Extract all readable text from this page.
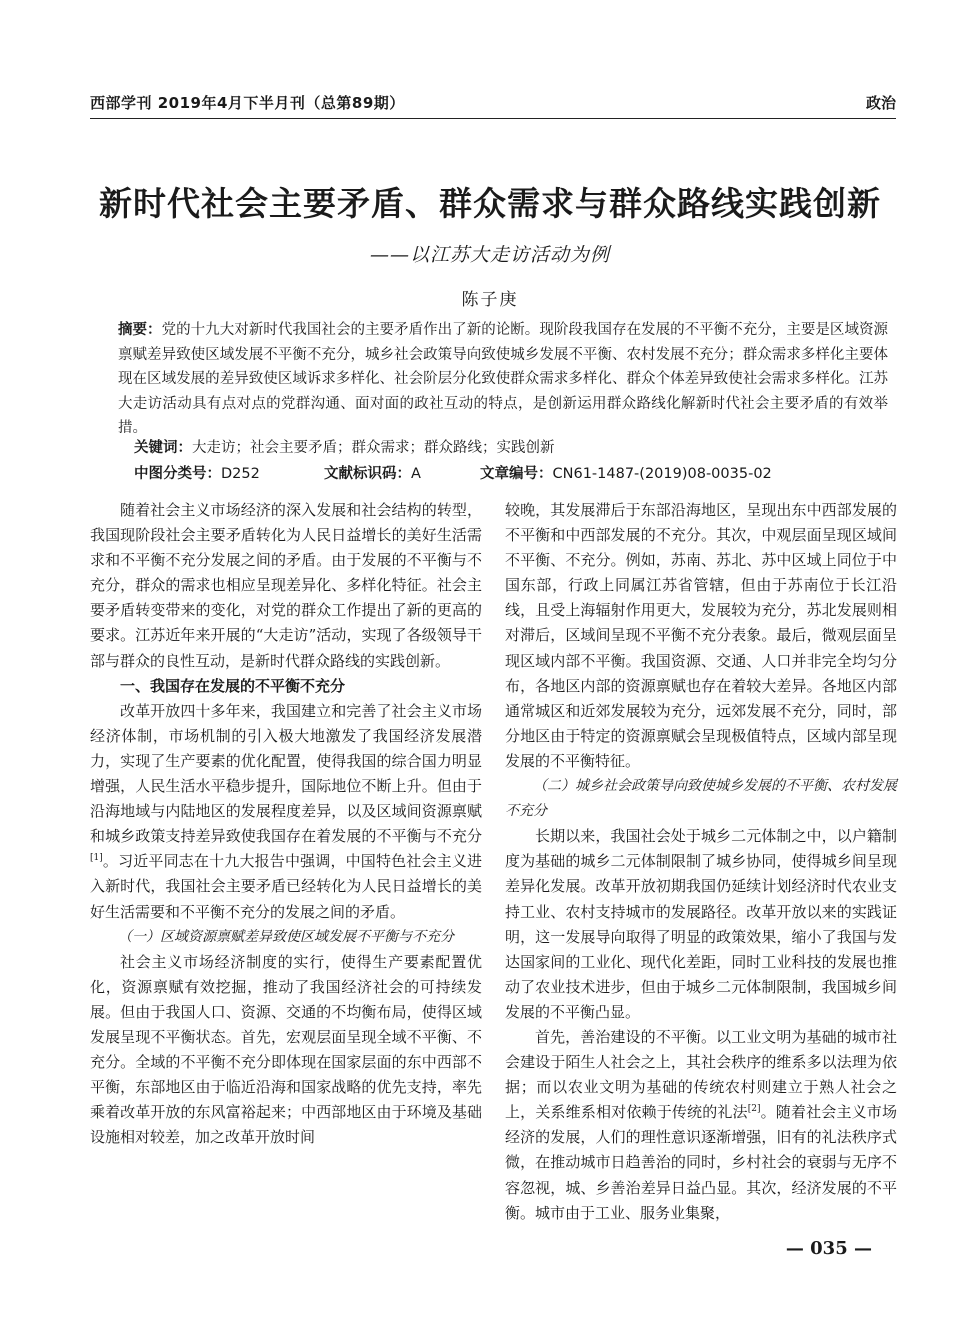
西部学刊 2019年4月下半月刊（总第89期）	政治
新时代社会主要矛盾、群众需求与群众路线实践创新
——以江苏大走访活动为例
陈子庚
摘要：党的十九大对新时代我国社会的主要矛盾作出了新的论断。现阶段我国存在发展的不平衡不充分，主要是区域资源禀赋差异致使区域发展不平衡不充分，城乡社会政策导向致使城乡发展不平衡、农村发展不充分；群众需求多样化主要体现在区域发展的差异致使区域诉求多样化、社会阶层分化致使群众需求多样化、群众个体差异致使社会需求多样化。江苏大走访活动具有点对点的党群沟通、面对面的政社互动的特点，是创新运用群众路线化解新时代社会主要矛盾的有效举措。
关键词：大走访；社会主要矛盾；群众需求；群众路线；实践创新
中图分类号：D252	文献标识码：A	文章编号：CN61-1487-(2019)08-0035-02

随着社会主义市场经济的深入发展和社会结构的转型，我国现阶段社会主要矛盾转化为人民日益增长的美好生活需求和不平衡不充分发展之间的矛盾。由于发展的不平衡与不充分，群众的需求也相应呈现差异化、多样化特征。社会主要矛盾转变带来的变化，对党的群众工作提出了新的更高的要求。江苏近年来开展的“大走访”活动，实现了各级领导干部与群众的良性互动，是新时代群众路线的实践创新。

一、我国存在发展的不平衡不充分

改革开放四十多年来，我国建立和完善了社会主义市场经济体制，市场机制的引入极大地激发了我国经济发展潜力，实现了生产要素的优化配置，使得我国的综合国力明显增强，人民生活水平稳步提升，国际地位不断上升。但由于沿海地域与内陆地区的发展程度差异，以及区域间资源禀赋和城乡政策支持差异致使我国存在着发展的不平衡与不充分[1]。习近平同志在十九大报告中强调，中国特色社会主义进入新时代，我国社会主要矛盾已经转化为人民日益增长的美好生活需要和不平衡不充分的发展之间的矛盾。

（一）区域资源禀赋差异致使区域发展不平衡与不充分

社会主义市场经济制度的实行，使得生产要素配置优化，资源禀赋有效挖掘，推动了我国经济社会的可持续发展。但由于我国人口、资源、交通的不均衡布局，使得区域发展呈现不平衡状态。首先，宏观层面呈现全域不平衡、不充分。全域的不平衡不充分即体现在国家层面的东中西部不平衡，东部地区由于临近沿海和国家战略的优先支持，率先乘着改革开放的东风富裕起来；中西部地区由于环境及基础设施相对较差，加之改革开放时间

较晚，其发展滞后于东部沿海地区，呈现出东中西部发展的不平衡和中西部发展的不充分。其次，中观层面呈现区域间不平衡、不充分。例如，苏南、苏北、苏中区域上同位于中国东部，行政上同属江苏省管辖，但由于苏南位于长江沿线，且受上海辐射作用更大，发展较为充分，苏北发展则相对滞后，区域间呈现不平衡不充分表象。最后，微观层面呈现区域内部不平衡。我国资源、交通、人口并非完全均匀分布，各地区内部的资源禀赋也存在着较大差异。各地区内部通常城区和近郊发展较为充分，远郊发展不充分，同时，部分地区由于特定的资源禀赋会呈现极值特点，区域内部呈现发展的不平衡特征。

（二）城乡社会政策导向致使城乡发展的不平衡、农村发展不充分

长期以来，我国社会处于城乡二元体制之中，以户籍制度为基础的城乡二元体制限制了城乡协同，使得城乡间呈现差异化发展。改革开放初期我国仍延续计划经济时代农业支持工业、农村支持城市的发展路径。改革开放以来的实践证明，这一发展导向取得了明显的政策效果，缩小了我国与发达国家间的工业化、现代化差距，同时工业科技的发展也推动了农业技术进步，但由于城乡二元体制限制，我国城乡间发展的不平衡凸显。

首先，善治建设的不平衡。以工业文明为基础的城市社会建设于陌生人社会之上，其社会秩序的维系多以法理为依据；而以农业文明为基础的传统农村则建立于熟人社会之上，关系维系相对依赖于传统的礼法[2]。随着社会主义市场经济的发展，人们的理性意识逐渐增强，旧有的礼法秩序式微，在推动城市日趋善治的同时，乡村社会的衰弱与无序不容忽视，城、乡善治差异日益凸显。其次，经济发展的不平衡。城市由于工业、服务业集聚，

— 035 —
